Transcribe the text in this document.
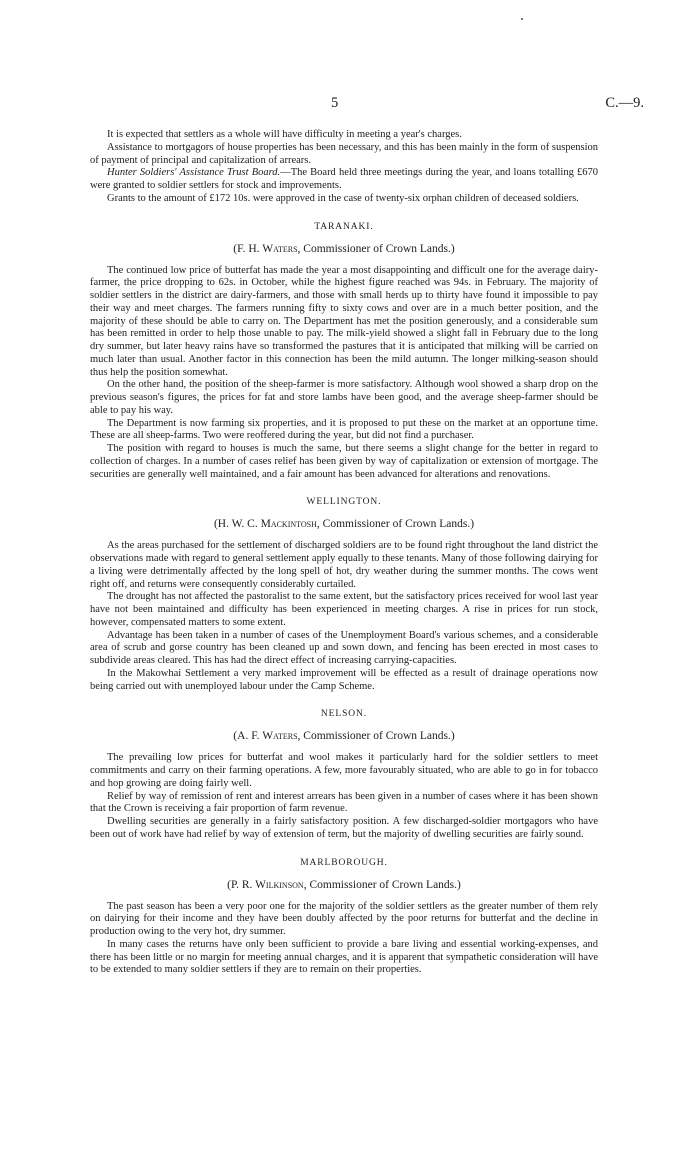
5	C.—9.

It is expected that settlers as a whole will have difficulty in meeting a year's charges.

Assistance to mortgagors of house properties has been necessary, and this has been mainly in the form of suspension of payment of principal and capitalization of arrears.

Hunter Soldiers' Assistance Trust Board.—The Board held three meetings during the year, and loans totalling £670 were granted to soldier settlers for stock and improvements.

Grants to the amount of £172 10s. were approved in the case of twenty-six orphan children of deceased soldiers.

TARANAKI.
(F. H. Waters, Commissioner of Crown Lands.)

The continued low price of butterfat has made the year a most disappointing and difficult one for the average dairy-farmer, the price dropping to 62s. in October, while the highest figure reached was 94s. in February. The majority of soldier settlers in the district are dairy-farmers, and those with small herds up to thirty have found it impossible to pay their way and meet charges. The farmers running fifty to sixty cows and over are in a much better position, and the majority of these should be able to carry on. The Department has met the position generously, and a considerable sum has been remitted in order to help those unable to pay. The milk-yield showed a slight fall in February due to the long dry summer, but later heavy rains have so transformed the pastures that it is anticipated that milking will be carried on much later than usual. Another factor in this connection has been the mild autumn. The longer milking-season should thus help the position somewhat.

On the other hand, the position of the sheep-farmer is more satisfactory. Although wool showed a sharp drop on the previous season's figures, the prices for fat and store lambs have been good, and the average sheep-farmer should be able to pay his way.

The Department is now farming six properties, and it is proposed to put these on the market at an opportune time. These are all sheep-farms. Two were reoffered during the year, but did not find a purchaser.

The position with regard to houses is much the same, but there seems a slight change for the better in regard to collection of charges. In a number of cases relief has been given by way of capitalization or extension of mortgage. The securities are generally well maintained, and a fair amount has been advanced for alterations and renovations.

WELLINGTON.
(H. W. C. Mackintosh, Commissioner of Crown Lands.)

As the areas purchased for the settlement of discharged soldiers are to be found right throughout the land district the observations made with regard to general settlement apply equally to these tenants. Many of those following dairying for a living were detrimentally affected by the long spell of hot, dry weather during the summer months. The cows went right off, and returns were consequently considerably curtailed.

The drought has not affected the pastoralist to the same extent, but the satisfactory prices received for wool last year have not been maintained and difficulty has been experienced in meeting charges. A rise in prices for run stock, however, compensated matters to some extent.

Advantage has been taken in a number of cases of the Unemployment Board's various schemes, and a considerable area of scrub and gorse country has been cleaned up and sown down, and fencing has been erected in most cases to subdivide areas cleared. This has had the direct effect of increasing carrying-capacities.

In the Makowhai Settlement a very marked improvement will be effected as a result of drainage operations now being carried out with unemployed labour under the Camp Scheme.

NELSON.
(A. F. Waters, Commissioner of Crown Lands.)

The prevailing low prices for butterfat and wool makes it particularly hard for the soldier settlers to meet commitments and carry on their farming operations. A few, more favourably situated, who are able to go in for tobacco and hop growing are doing fairly well.

Relief by way of remission of rent and interest arrears has been given in a number of cases where it has been shown that the Crown is receiving a fair proportion of farm revenue.

Dwelling securities are generally in a fairly satisfactory position. A few discharged-soldier mortgagors who have been out of work have had relief by way of extension of term, but the majority of dwelling securities are fairly sound.

MARLBOROUGH.
(P. R. Wilkinson, Commissioner of Crown Lands.)

The past season has been a very poor one for the majority of the soldier settlers as the greater number of them rely on dairying for their income and they have been doubly affected by the poor returns for butterfat and the decline in production owing to the very hot, dry summer.

In many cases the returns have only been sufficient to provide a bare living and essential working-expenses, and there has been little or no margin for meeting annual charges, and it is apparent that sympathetic consideration will have to be extended to many soldier settlers if they are to remain on their properties.
